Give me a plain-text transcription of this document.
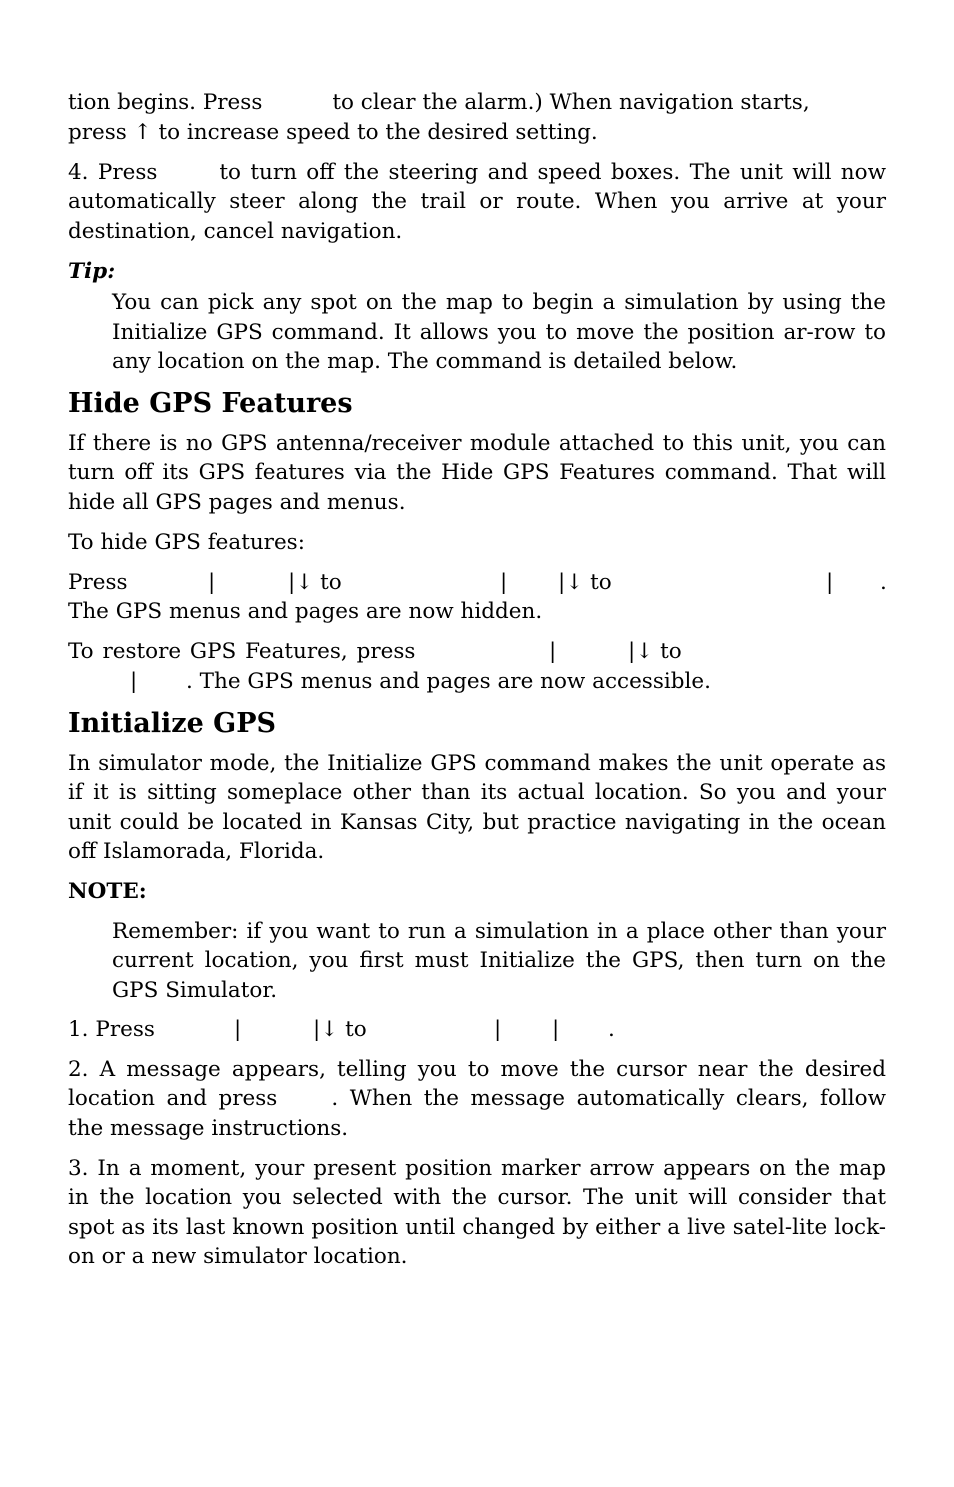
tion begins. Press	to clear the alarm.) When navigation starts,
press ↑ to increase speed to the desired setting.

4. Press	to turn off the steering and speed boxes. The unit will now automatically steer along the trail or route. When you arrive at your destination, cancel navigation.

Tip:

You can pick any spot on the map to begin a simulation by using the Initialize GPS command. It allows you to move the position ar-row to any location on the map. The command is detailed below.

Hide GPS Features

If there is no GPS antenna/receiver module attached to this unit, you can turn off its GPS features via the Hide GPS Features command. That will hide all GPS pages and menus.

To hide GPS features:

Press	|	|↓ to	| |↓ to	| .

The GPS menus and pages are now hidden.

To restore GPS Features, press	|	|↓ to

| . The GPS menus and pages are now accessible.

Initialize GPS

In simulator mode, the Initialize GPS command makes the unit operate as if it is sitting someplace other than its actual location. So you and your unit could be located in Kansas City, but practice navigating in the ocean off Islamorada, Florida.

NOTE:

Remember: if you want to run a simulation in a place other than your current location, you first must Initialize the GPS, then turn on the GPS Simulator.

1. Press	|	|↓ to	| | .

2. A message appears, telling you to move the cursor near the desired location and press	. When the message automatically clears, follow the message instructions.

3. In a moment, your present position marker arrow appears on the map in the location you selected with the cursor. The unit will consider that spot as its last known position until changed by either a live satel-lite lock-on or a new simulator location.
